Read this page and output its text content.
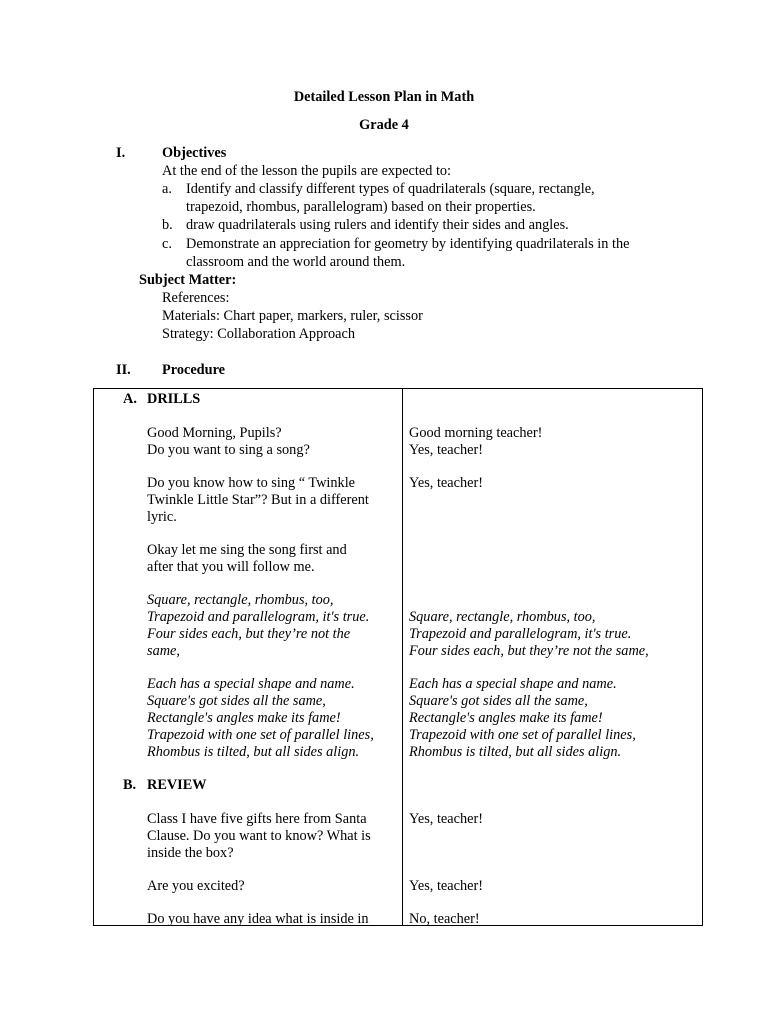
Detailed Lesson Plan in Math
Grade 4
I.	Objectives
At the end of the lesson the pupils are expected to:
a. Identify and classify different types of quadrilaterals (square, rectangle,
trapezoid, rhombus, parallelogram) based on their properties.
b. draw quadrilaterals using rulers and identify their sides and angles.
c. Demonstrate an appreciation for geometry by identifying quadrilaterals in the
classroom and the world around them.
Subject Matter:
References:
Materials: Chart paper, markers, ruler, scissor
Strategy: Collaboration Approach
II. Procedure
A. DRILLS
Good Morning, Pupils?
Do you want to sing a song?
Do you know how to sing “ Twinkle
Twinkle Little Star”? But in a different
lyric.
Okay let me sing the song first and
after that you will follow me.
Square, rectangle, rhombus, too,
Trapezoid and parallelogram, it's true.
Four sides each, but they’re not the
same,
Each has a special shape and name.
Square's got sides all the same,
Rectangle's angles make its fame!
Trapezoid with one set of parallel lines,
Rhombus is tilted, but all sides align.
Good morning teacher!
Yes, teacher!
Yes, teacher!
Square, rectangle, rhombus, too,
Trapezoid and parallelogram, it's true.
Four sides each, but they’re not the same,
Each has a special shape and name.
Square's got sides all the same,
Rectangle's angles make its fame!
Trapezoid with one set of parallel lines,
Rhombus is tilted, but all sides align.
B. REVIEW
Class I have five gifts here from Santa
Clause. Do you want to know? What is
inside the box?
Are you excited?
Do you have any idea what is inside in
Yes, teacher!
Yes, teacher!
No, teacher!
